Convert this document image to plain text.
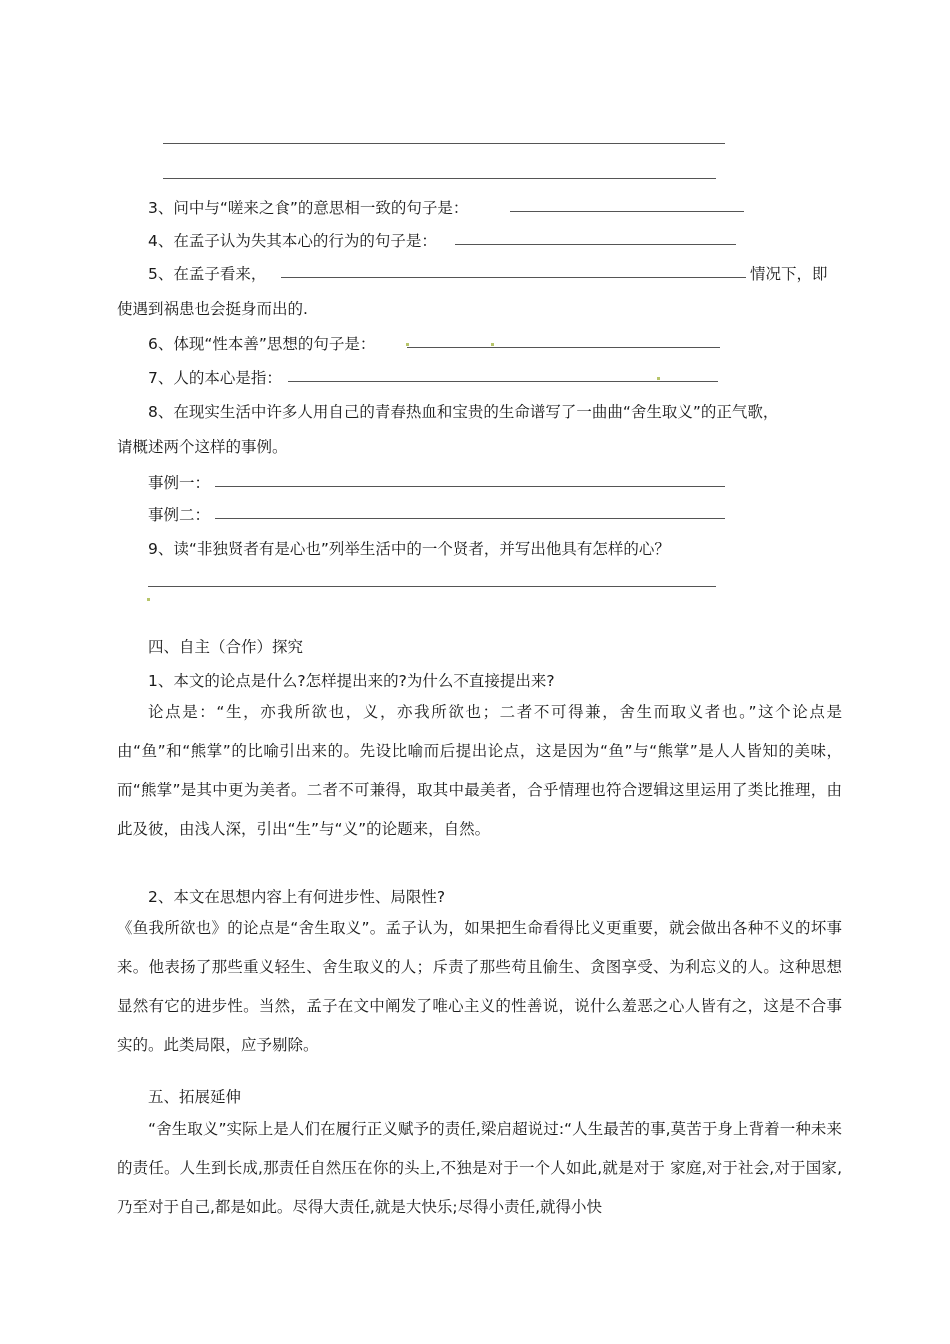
3、问中与“嗟来之食”的意思相一致的句子是：
4、在孟子认为失其本心的行为的句子是：
5、在孟子看来，	情况下，即
使遇到祸患也会挺身而出的.
6、体现“性本善”思想的句子是：
7、人的本心是指：
8、在现实生活中许多人用自己的青春热血和宝贵的生命谱写了一曲曲“舍生取义”的正气歌，
请概述两个这样的事例。
事例一：
事例二：
9、读“非独贤者有是心也”列举生活中的一个贤者，并写出他具有怎样的心？
四、自主（合作）探究
1、本文的论点是什么?怎样提出来的?为什么不直接提出来?
论点是：“生，亦我所欲也，义，亦我所欲也；二者不可得兼，舍生而取义者也。”这个论点是由“鱼”和“熊掌”的比喻引出来的。先设比喻而后提出论点，这是因为“鱼”与“熊掌”是人人皆知的美味，而“熊掌”是其中更为美者。二者不可兼得，取其中最美者，合乎情理也符合逻辑这里运用了类比推理，由此及彼，由浅人深，引出“生”与“义”的论题来，自然。
2、本文在思想内容上有何进步性、局限性?
《鱼我所欲也》的论点是“舍生取义”。孟子认为，如果把生命看得比义更重要，就会做出各种不义的坏事来。他表扬了那些重义轻生、舍生取义的人；斥责了那些苟且偷生、贪图享受、为利忘义的人。这种思想显然有它的进步性。当然，孟子在文中阐发了唯心主义的性善说，说什么羞恶之心人皆有之，这是不合事实的。此类局限，应予剔除。
五、拓展延伸
“舍生取义”实际上是人们在履行正义赋予的责任,梁启超说过:“人生最苦的事,莫苦于身上背着一种未来的责任。人生到长成,那责任自然压在你的头上,不独是对于一个人如此,就是对于 家庭,对于社会,对于国家,乃至对于自己,都是如此。尽得大责任,就是大快乐;尽得小责任,就得小快
